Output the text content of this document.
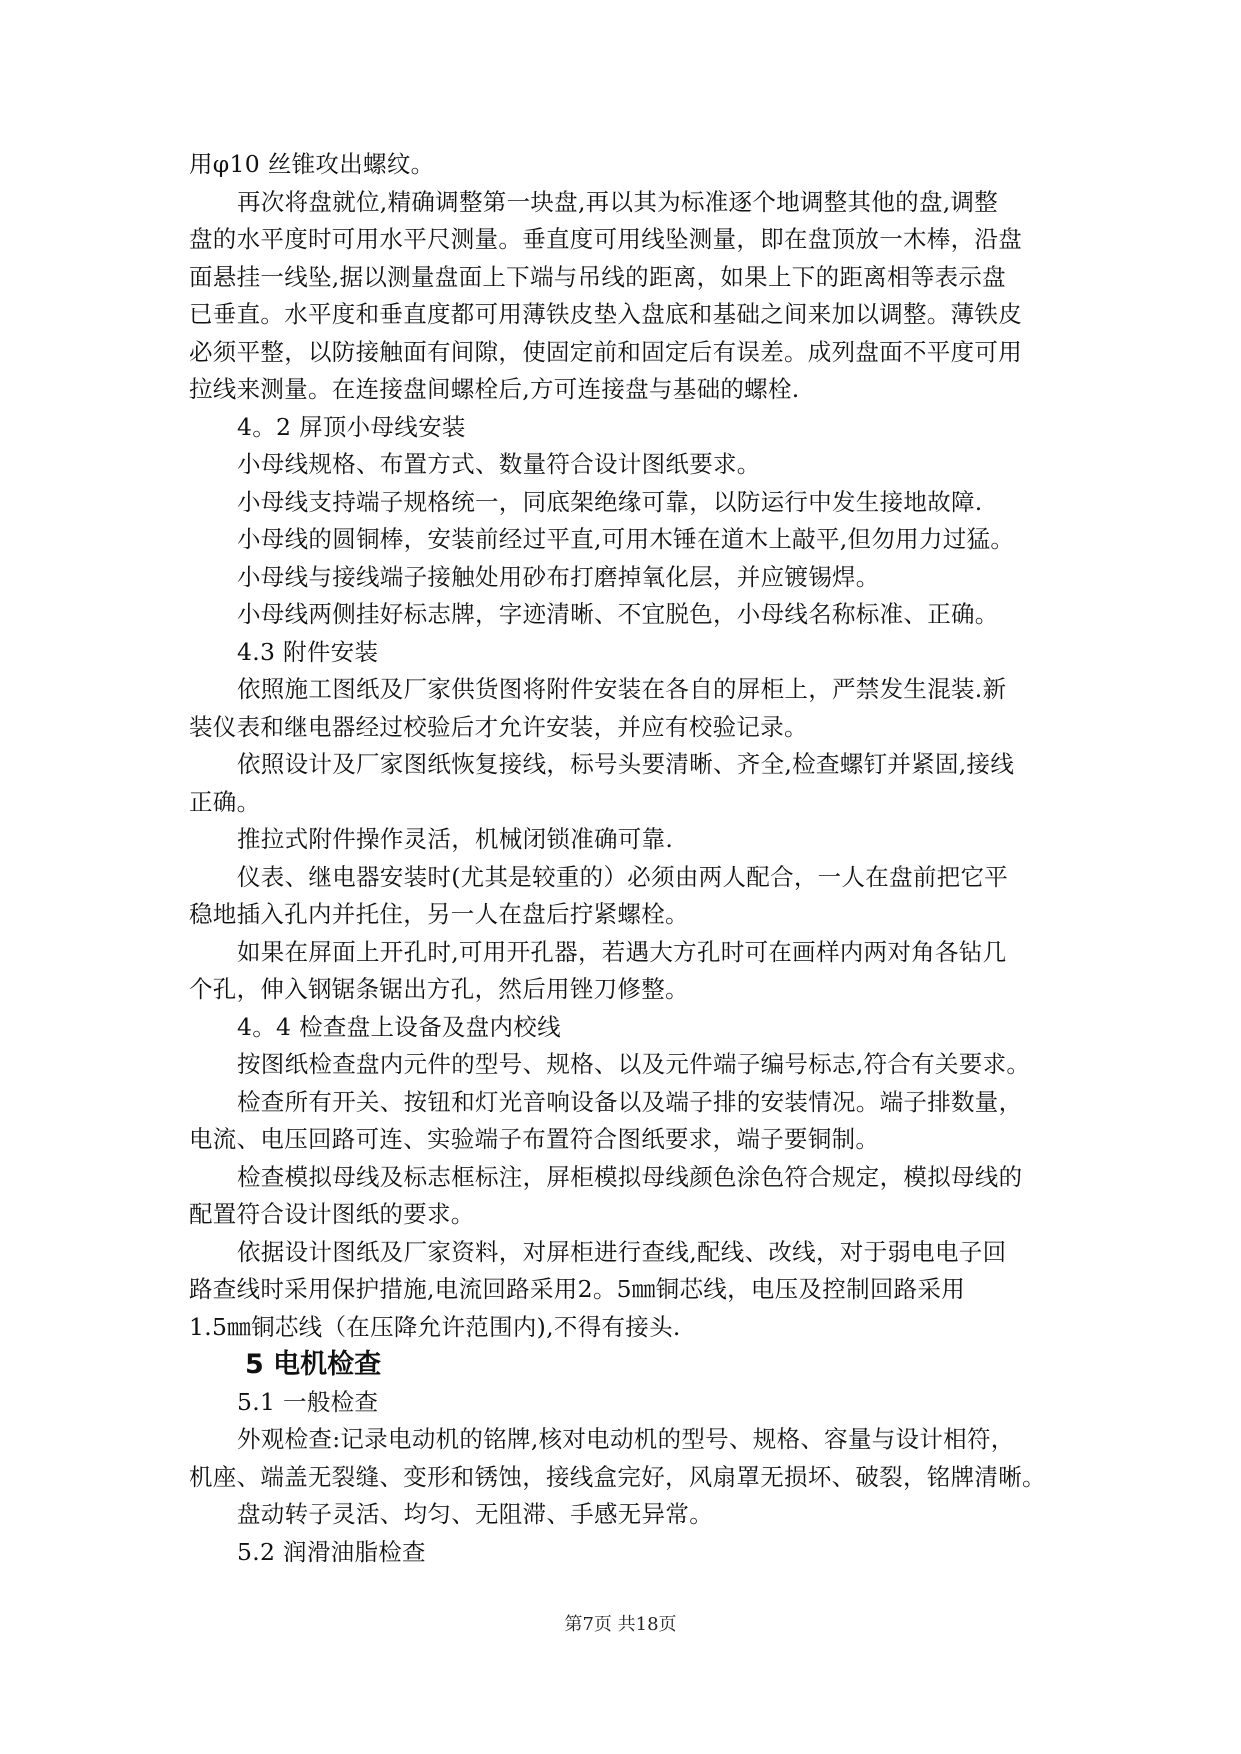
用φ10 丝锥攻出螺纹。
再次将盘就位,精确调整第一块盘,再以其为标准逐个地调整其他的盘,调整
盘的水平度时可用水平尺测量。垂直度可用线坠测量，即在盘顶放一木棒，沿盘
面悬挂一线坠,据以测量盘面上下端与吊线的距离，如果上下的距离相等表示盘
已垂直。水平度和垂直度都可用薄铁皮垫入盘底和基础之间来加以调整。薄铁皮
必须平整，以防接触面有间隙，使固定前和固定后有误差。成列盘面不平度可用
拉线来测量。在连接盘间螺栓后,方可连接盘与基础的螺栓.
4。2 屏顶小母线安装
小母线规格、布置方式、数量符合设计图纸要求。
小母线支持端子规格统一，同底架绝缘可靠，以防运行中发生接地故障.
小母线的圆铜棒，安装前经过平直,可用木锤在道木上敲平,但勿用力过猛。
小母线与接线端子接触处用砂布打磨掉氧化层，并应镀锡焊。
小母线两侧挂好标志牌，字迹清晰、不宜脱色，小母线名称标准、正确。
4.3 附件安装
依照施工图纸及厂家供货图将附件安装在各自的屏柜上，严禁发生混装.新
装仪表和继电器经过校验后才允许安装，并应有校验记录。
依照设计及厂家图纸恢复接线，标号头要清晰、齐全,检查螺钉并紧固,接线
正确。
推拉式附件操作灵活，机械闭锁准确可靠.
仪表、继电器安装时(尤其是较重的）必须由两人配合，一人在盘前把它平
稳地插入孔内并托住，另一人在盘后拧紧螺栓。
如果在屏面上开孔时,可用开孔器，若遇大方孔时可在画样内两对角各钻几
个孔，伸入钢锯条锯出方孔，然后用锉刀修整。
4。4 检查盘上设备及盘内校线
按图纸检查盘内元件的型号、规格、以及元件端子编号标志,符合有关要求。
检查所有开关、按钮和灯光音响设备以及端子排的安装情况。端子排数量，
电流、电压回路可连、实验端子布置符合图纸要求，端子要铜制。
检查模拟母线及标志框标注，屏柜模拟母线颜色涂色符合规定，模拟母线的
配置符合设计图纸的要求。
依据设计图纸及厂家资料，对屏柜进行查线,配线、改线，对于弱电电子回
路查线时采用保护措施,电流回路采用2。5㎜铜芯线，电压及控制回路采用
1.5㎜铜芯线（在压降允许范围内),不得有接头.
5 电机检查
5.1 一般检查
外观检查:记录电动机的铭牌,核对电动机的型号、规格、容量与设计相符，
机座、端盖无裂缝、变形和锈蚀，接线盒完好，风扇罩无损坏、破裂，铭牌清晰。
盘动转子灵活、均匀、无阻滞、手感无异常。
5.2 润滑油脂检查
第7页 共18页
